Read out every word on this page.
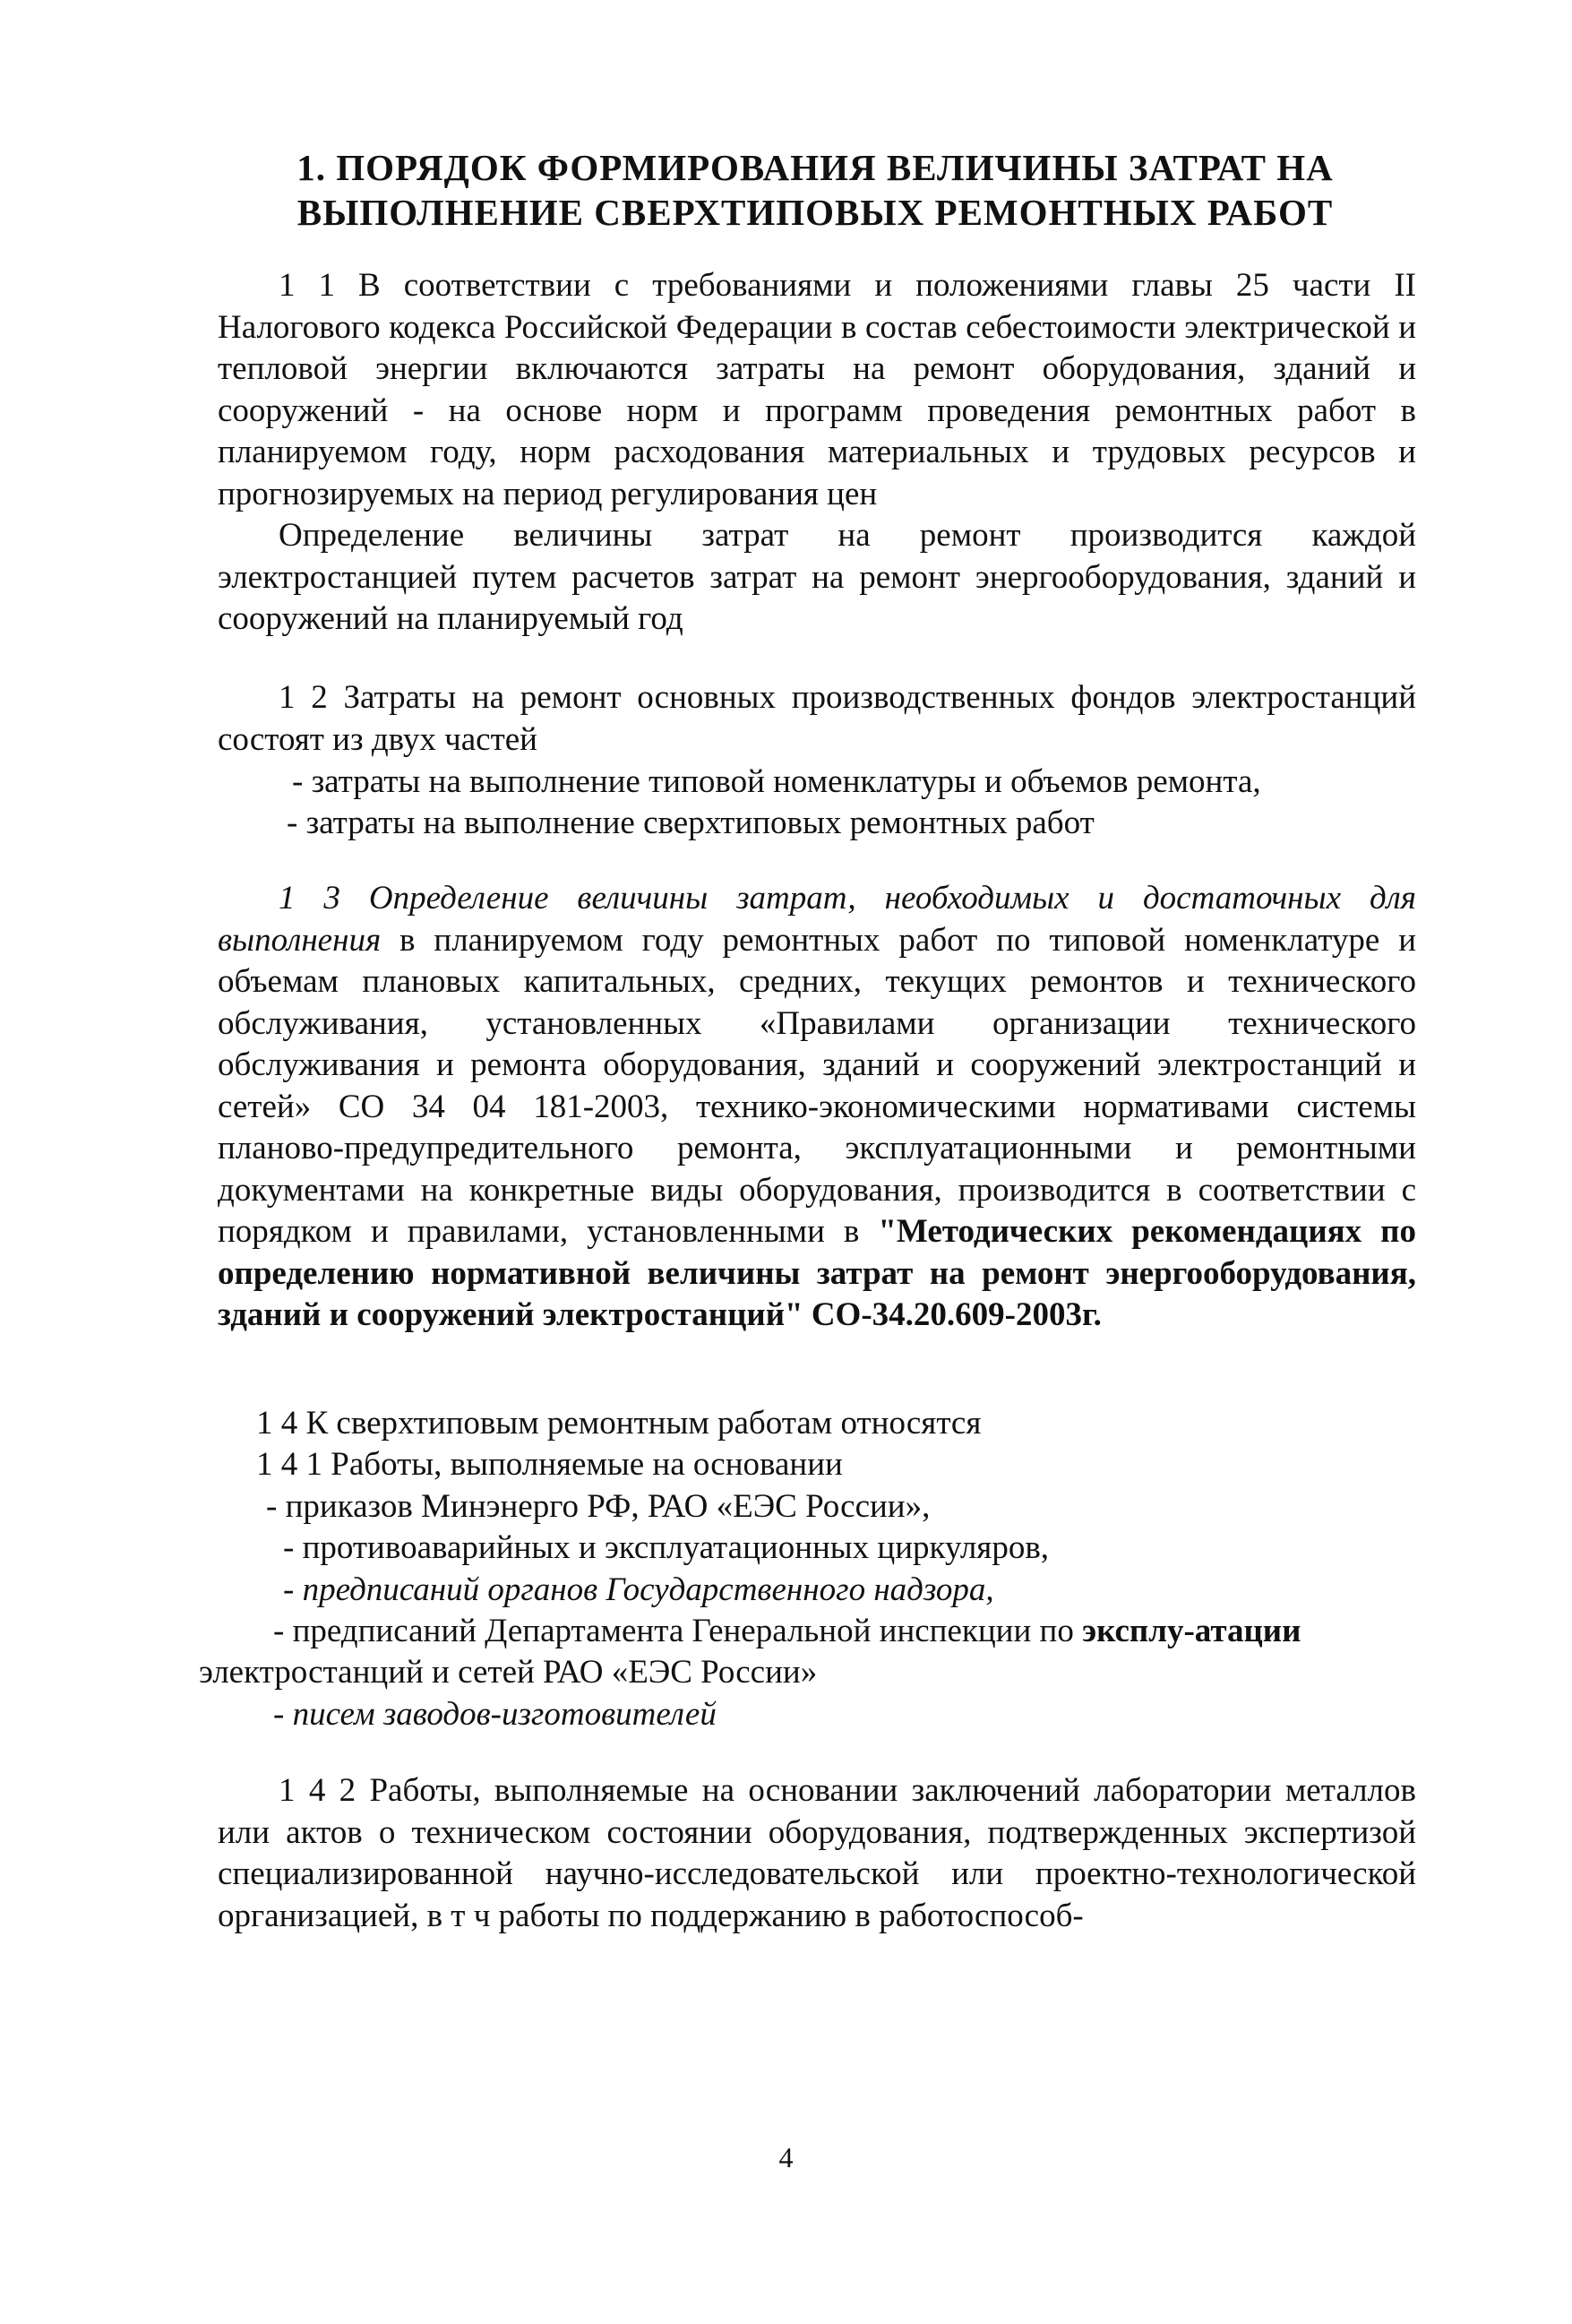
1. ПОРЯДОК ФОРМИРОВАНИЯ ВЕЛИЧИНЫ ЗАТРАТ НА
ВЫПОЛНЕНИЕ СВЕРХТИПОВЫХ РЕМОНТНЫХ РАБОТ

1 1 В соответствии с требованиями и положениями главы 25 части II Налогового кодекса Российской Федерации в состав себестоимости электрической и тепловой энергии включаются затраты на ремонт оборудования, зданий и сооружений - на основе норм и программ проведения ремонтных работ в планируемом году, норм расходования материальных и трудовых ресурсов и прогнозируемых на период регулирования цен

Определение величины затрат на ремонт производится каждой электростанцией путем расчетов затрат на ремонт энергооборудования, зданий и сооружений на планируемый год

1 2 Затраты на ремонт основных производственных фондов электростанций состоят из двух частей

- затраты на выполнение типовой номенклатуры и объемов ремонта,
- затраты на выполнение сверхтиповых ремонтных работ

1 3 Определение величины затрат, необходимых и достаточных для выполнения в планируемом году ремонтных работ по типовой номенклатуре и объемам плановых капитальных, средних, текущих ремонтов и технического обслуживания, установленных «Правилами организации технического обслуживания и ремонта оборудования, зданий и сооружений электростанций и сетей» СО 34 04 181-2003, технико-экономическими нормативами системы планово-предупредительного ремонта, эксплуатационными и ремонтными документами на конкретные виды оборудования, производится в соответствии с порядком и правилами, установленными в "Методических рекомендациях по определению нормативной величины затрат на ремонт энергооборудования, зданий и сооружений электростанций" СО-34.20.609-2003г.

1 4 К сверхтиповым ремонтным работам относятся
1 4 1 Работы, выполняемые на основании
- приказов Минэнерго РФ, РАО «ЕЭС России»,
- противоаварийных и эксплуатационных циркуляров,
- предписаний органов Государственного надзора,
- предписаний Департамента Генеральной инспекции по эксплу-атации
электростанций и сетей РАО «ЕЭС России»
- писем заводов-изготовителей

1 4 2 Работы, выполняемые на основании заключений лаборатории металлов или актов о техническом состоянии оборудования, подтвержденных экспертизой специализированной научно-исследовательской или проектно-технологической организацией, в т ч работы по поддержанию в работоспособ-

4
